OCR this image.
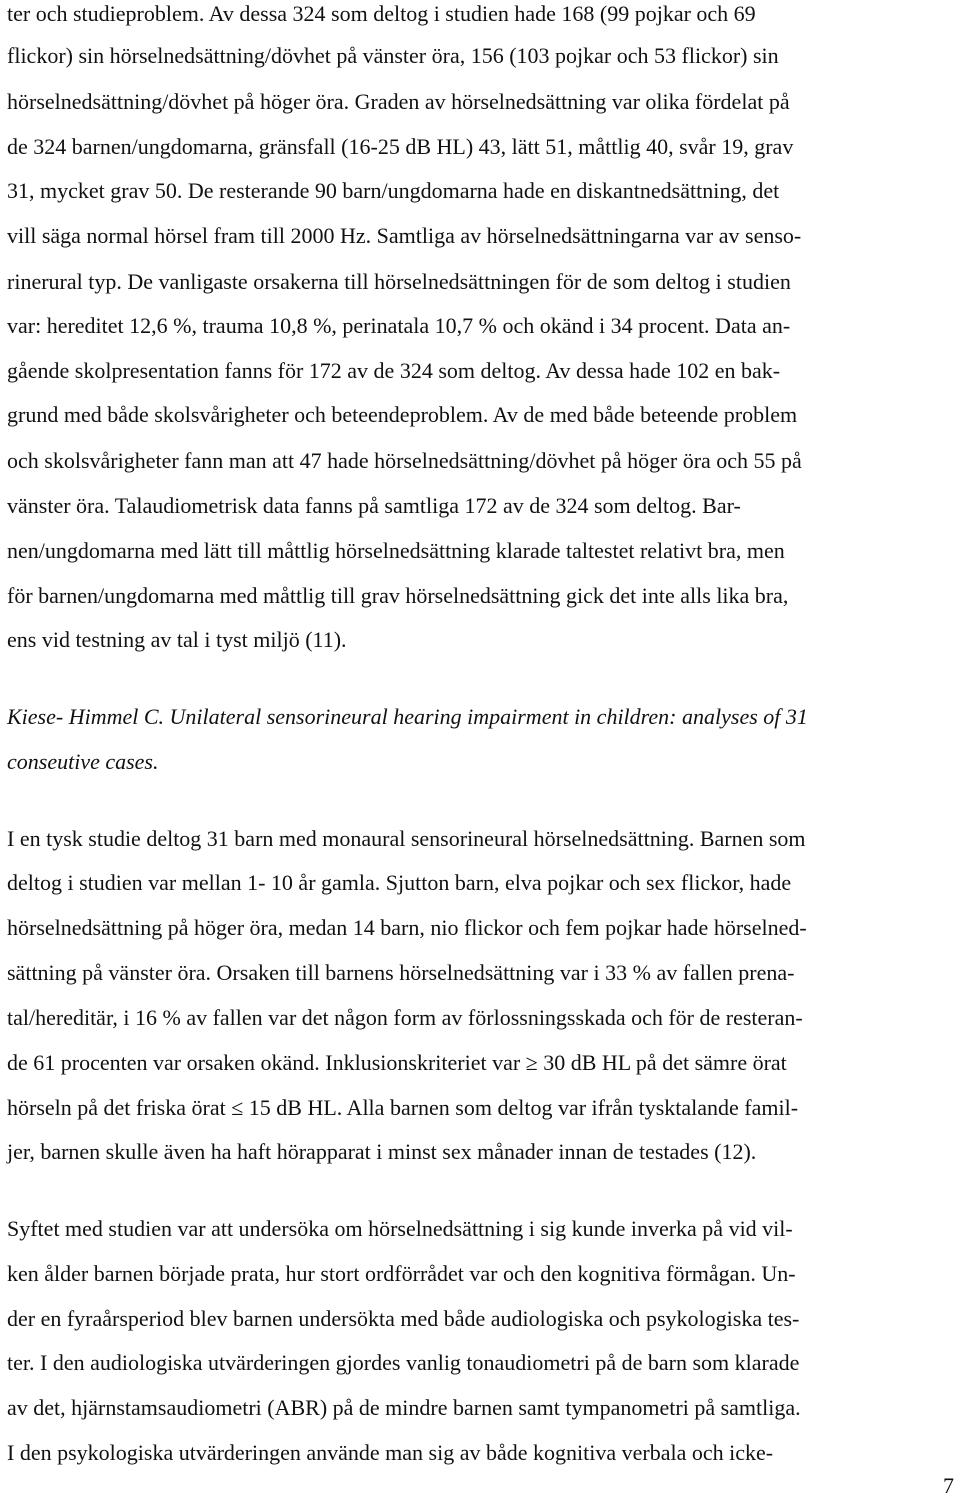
ter och studieproblem. Av dessa 324 som deltog i studien hade 168 (99 pojkar och 69
flickor) sin hörselnedsättning/dövhet på vänster öra, 156 (103 pojkar och 53 flickor) sin
hörselnedsättning/dövhet på höger öra. Graden av hörselnedsättning var olika fördelat på
de 324 barnen/ungdomarna, gränsfall (16-25 dB HL) 43, lätt 51, måttlig 40, svår 19, grav
31, mycket grav 50. De resterande 90 barn/ungdomarna hade en diskantnedsättning, det
vill säga normal hörsel fram till 2000 Hz. Samtliga av hörselnedsättningarna var av senso-
rinerural typ. De vanligaste orsakerna till hörselnedsättningen för de som deltog i studien
var: hereditet 12,6 %, trauma 10,8 %, perinatala 10,7 % och okänd i 34 procent. Data an-
gående skolpresentation fanns för 172 av de 324 som deltog. Av dessa hade 102 en bak-
grund med både skolsvårigheter och beteendeproblem. Av de med både beteende problem
och skolsvårigheter fann man att 47 hade hörselnedsättning/dövhet på höger öra och 55 på
vänster öra. Talaudiometrisk data fanns på samtliga 172 av de 324 som deltog. Bar-
nen/ungdomarna med lätt till måttlig hörselnedsättning klarade taltestet relativt bra, men
för barnen/ungdomarna med måttlig till grav hörselnedsättning gick det inte alls lika bra,
ens vid testning av tal i tyst miljö (11).
Kiese- Himmel C. Unilateral sensorineural hearing impairment in children: analyses of 31
conseutive cases.
I en tysk studie deltog 31 barn med monaural sensorineural hörselnedsättning. Barnen som
deltog i studien var mellan 1- 10 år gamla. Sjutton barn, elva pojkar och sex flickor, hade
hörselnedsättning på höger öra, medan 14 barn, nio flickor och fem pojkar hade hörselned-
sättning på vänster öra. Orsaken till barnens hörselnedsättning var i 33 % av fallen prena-
tal/hereditär, i 16 % av fallen var det någon form av förlossningsskada och för de resteran-
de 61 procenten var orsaken okänd. Inklusionskriteriet var ≥ 30 dB HL på det sämre örat
hörseln på det friska örat ≤ 15 dB HL. Alla barnen som deltog var ifrån tysktalande famil-
jer, barnen skulle även ha haft hörapparat i minst sex månader innan de testades (12).
Syftet med studien var att undersöka om hörselnedsättning i sig kunde inverka på vid vil-
ken ålder barnen började prata, hur stort ordförrådet var och den kognitiva förmågan. Un-
der en fyraårsperiod blev barnen undersökta med både audiologiska och psykologiska tes-
ter. I den audiologiska utvärderingen gjordes vanlig tonaudiometri på de barn som klarade
av det, hjärnstamsaudiometri (ABR) på de mindre barnen samt tympanometri på samtliga.
I den psykologiska utvärderingen använde man sig av både kognitiva verbala och icke-
7
